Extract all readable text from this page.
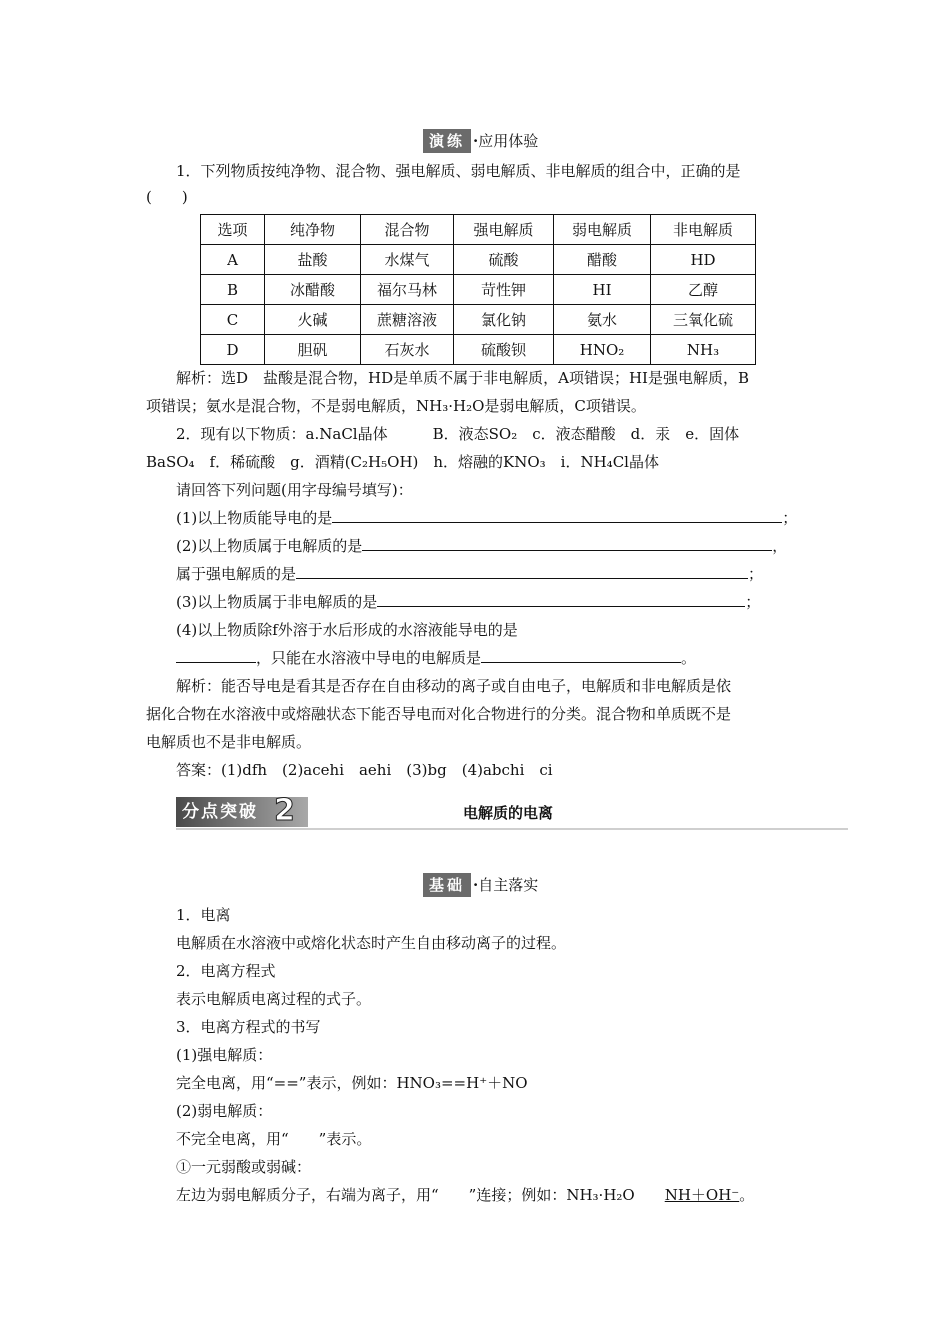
演练 ·应用体验
1．下列物质按纯净物、混合物、强电解质、弱电解质、非电解质的组合中，正确的是
(　　)
选项	纯净物	混合物	强电解质	弱电解质	非电解质
A	盐酸	水煤气	硫酸	醋酸	HD
B	冰醋酸	福尔马林	苛性钾	HI	乙醇
C	火碱	蔗糖溶液	氯化钠	氨水	三氧化硫
D	胆矾	石灰水	硫酸钡	HNO₂	NH₃
解析：选D　盐酸是混合物，HD是单质不属于非电解质，A项错误；HI是强电解质，B
项错误；氨水是混合物，不是弱电解质，NH₃·H₂O是弱电解质，C项错误。
2．现有以下物质：a.NaCl晶体　　　B．液态SO₂　c．液态醋酸　d．汞　e．固体
BaSO₄　f．稀硫酸　g．酒精(C₂H₅OH)　h．熔融的KNO₃　i．NH₄Cl晶体
请回答下列问题(用字母编号填写)：
(1)以上物质能导电的是	；
(2)以上物质属于电解质的是	，
属于强电解质的是	；
(3)以上物质属于非电解质的是	；
(4)以上物质除f外溶于水后形成的水溶液能导电的是
，只能在水溶液中导电的电解质是	。
解析：能否导电是看其是否存在自由移动的离子或自由电子，电解质和非电解质是依
据化合物在水溶液中或熔融状态下能否导电而对化合物进行的分类。混合物和单质既不是
电解质也不是非电解质。
答案：(1)dfh　(2)acehi　aehi　(3)bg　(4)abchi　ci
分点突破 2	电解质的电离
基础 ·自主落实
1．电离
电解质在水溶液中或熔化状态时产生自由移动离子的过程。
2．电离方程式
表示电解质电离过程的式子。
3．电离方程式的书写
(1)强电解质：
完全电离，用“==”表示，例如：HNO₃==H⁺＋NO
(2)弱电解质：
不完全电离，用“　　”表示。
①一元弱酸或弱碱：
左边为弱电解质分子，右端为离子，用“　　”连接；例如：NH₃·H₂O　　NH＋OH⁻。
